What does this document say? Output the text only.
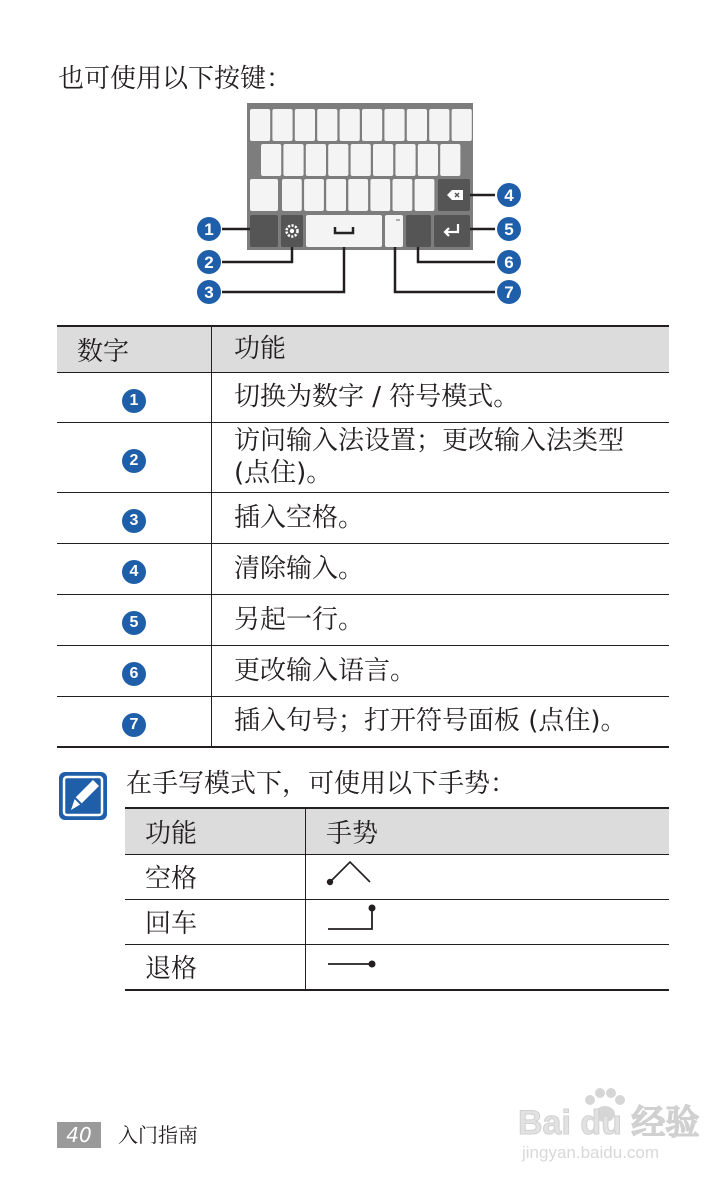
也可使用以下按键：
1
2
3
4
5
6
7
数字	功能
1	切换为数字 / 符号模式。
2	访问输入法设置；更改输入法类型 (点住)。
3	插入空格。
4	清除输入。
5	另起一行。
6	更改输入语言。
7	插入句号；打开符号面板 (点住)。
在手写模式下，可使用以下手势：
功能	手势
空格	
回车	
退格	
40	入门指南	Bai du 经验
jingyan.baidu.com
